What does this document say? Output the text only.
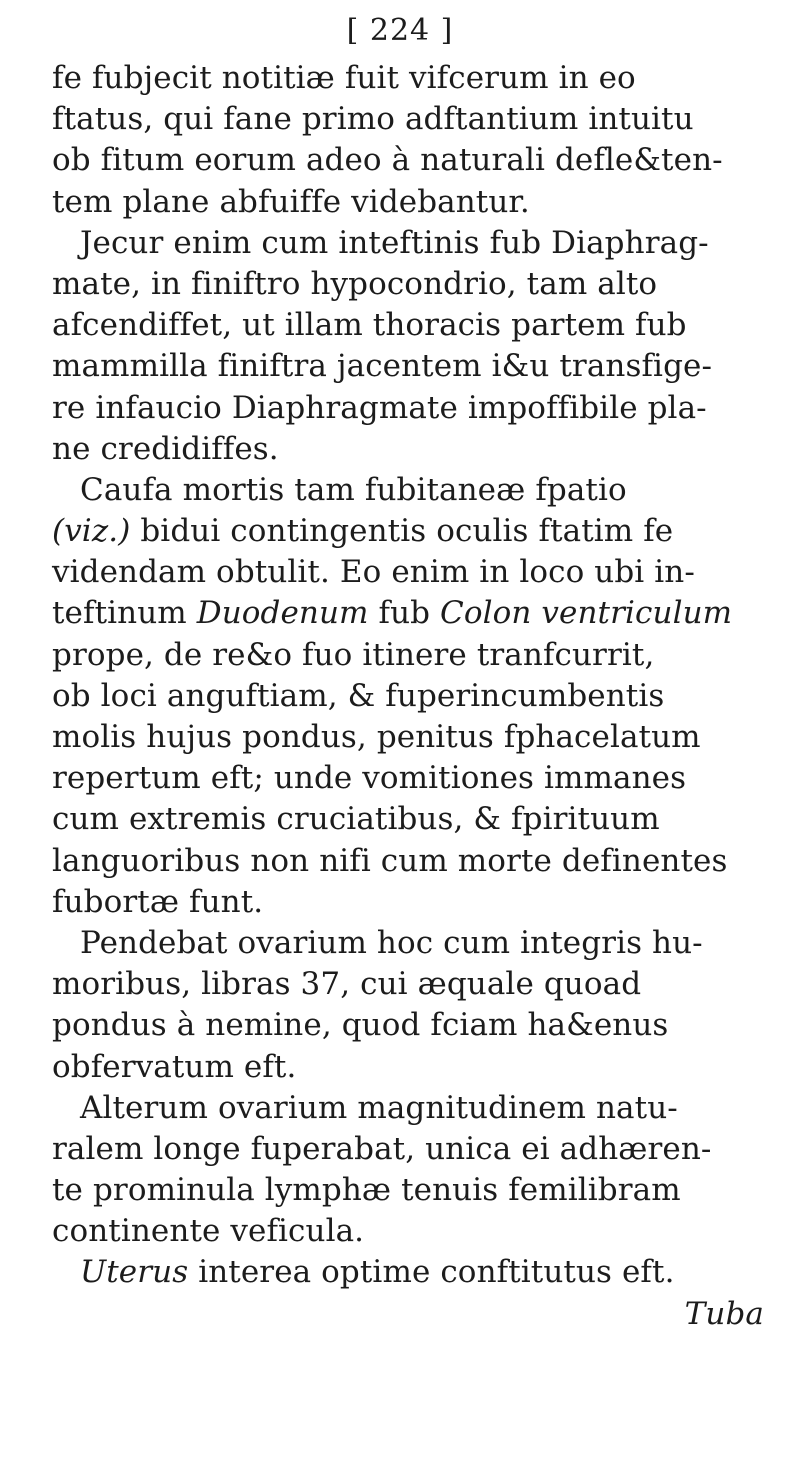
[ 224 ]
fe fubjecit notitiæ fuit vifcerum in eo
ftatus, qui fane primo adftantium intuitu
ob fitum eorum adeo à naturali defle&ten-
tem plane abfuiffe videbantur.
Jecur enim cum inteftinis fub Diaphrag-
mate, in finiftro hypocondrio, tam alto
afcendiffet, ut illam thoracis partem fub
mammilla finiftra jacentem i&u transfige-
re infaucio Diaphragmate impoffibile pla-
ne credidiffes.
Caufa mortis tam fubitaneæ fpatio
(viz.) bidui contingentis oculis ftatim fe
videndam obtulit. Eo enim in loco ubi in-
teftinum Duodenum fub Colon ventriculum
prope, de re&o fuo itinere tranfcurrit,
ob loci anguftiam, & fuperincumbentis
molis hujus pondus, penitus fphacelatum
repertum eft; unde vomitiones immanes
cum extremis cruciatibus, & fpirituum
languoribus non nifi cum morte definentes
fubortæ funt.
Pendebat ovarium hoc cum integris hu-
moribus, libras 37, cui æquale quoad
pondus à nemine, quod fciam ha&enus
obfervatum eft.
Alterum ovarium magnitudinem natu-
ralem longe fuperabat, unica ei adhæren-
te prominula lymphæ tenuis femilibram
continente veficula.
Uterus interea optime conftitutus eft.
Tuba
